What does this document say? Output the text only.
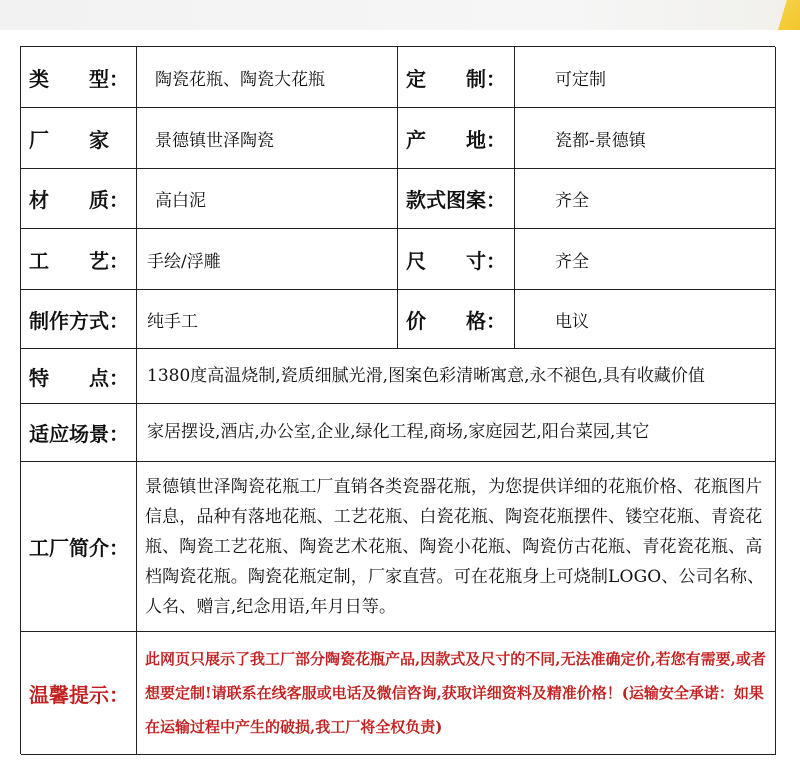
类　　型：	陶瓷花瓶、陶瓷大花瓶	定　　制：	可定制
厂　　家	景德镇世泽陶瓷	产　　地：	瓷都-景德镇
材　　质：	高白泥	款式图案：	齐全
工　　艺：	手绘/浮雕	尺　　寸：	齐全
制作方式：	纯手工	价　　格：	电议
特　　点：	1380度高温烧制,瓷质细腻光滑,图案色彩清晰寓意,永不褪色,具有收藏价值
适应场景：	家居摆设,酒店,办公室,企业,绿化工程,商场,家庭园艺,阳台菜园,其它
工厂简介：
景德镇世泽陶瓷花瓶工厂直销各类瓷器花瓶，为您提供详细的花瓶价格、花瓶图片信息，品种有落地花瓶、工艺花瓶、白瓷花瓶、陶瓷花瓶摆件、镂空花瓶、青瓷花瓶、陶瓷工艺花瓶、陶瓷艺术花瓶、陶瓷小花瓶、陶瓷仿古花瓶、青花瓷花瓶、高档陶瓷花瓶。陶瓷花瓶定制，厂家直营。可在花瓶身上可烧制LOGO、公司名称、人名、赠言,纪念用语,年月日等。
温馨提示：
此网页只展示了我工厂部分陶瓷花瓶产品,因款式及尺寸的不同,无法准确定价,若您有需要,或者想要定制!请联系在线客服或电话及微信咨询,获取详细资料及精准价格！(运输安全承诺：如果在运输过程中产生的破损,我工厂将全权负责)
